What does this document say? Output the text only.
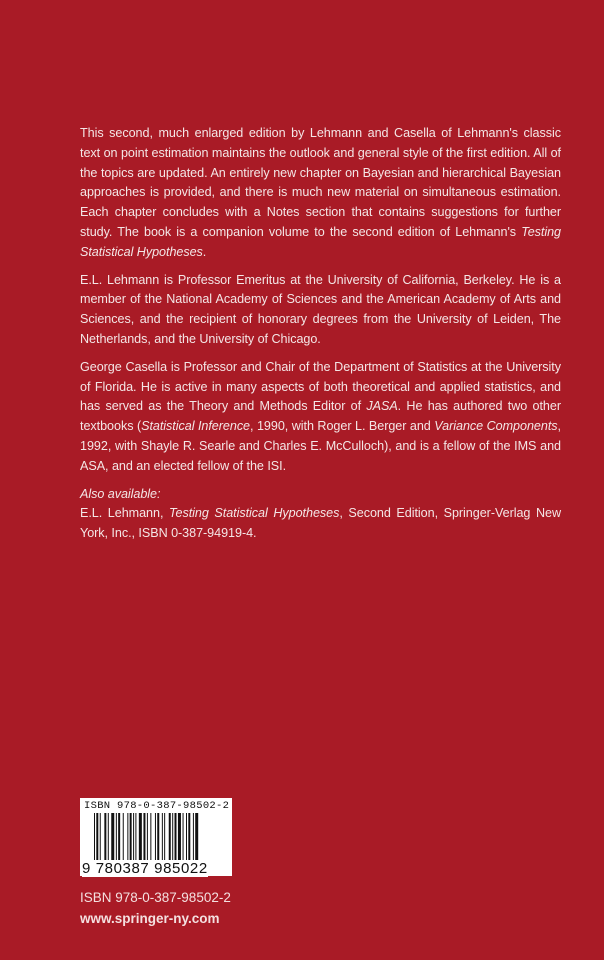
This second, much enlarged edition by Lehmann and Casella of Lehmann's classic text on point estimation maintains the outlook and general style of the first edition. All of the topics are updated. An entirely new chapter on Bayesian and hierarchical Bayesian approaches is provided, and there is much new material on simultaneous estimation. Each chapter concludes with a Notes section that contains suggestions for further study. The book is a companion volume to the second edition of Lehmann's Testing Statistical Hypotheses.

E.L. Lehmann is Professor Emeritus at the University of California, Berkeley. He is a member of the National Academy of Sciences and the American Academy of Arts and Sciences, and the recipient of honorary degrees from the University of Leiden, The Netherlands, and the University of Chicago.

George Casella is Professor and Chair of the Department of Statistics at the University of Florida. He is active in many aspects of both theoretical and applied statistics, and has served as the Theory and Methods Editor of JASA. He has authored two other textbooks (Statistical Inference, 1990, with Roger L. Berger and Variance Components, 1992, with Shayle R. Searle and Charles E. McCulloch), and is a fellow of the IMS and ASA, and an elected fellow of the ISI.

Also available:
E.L. Lehmann, Testing Statistical Hypotheses, Second Edition, Springer-Verlag New York, Inc., ISBN 0-387-94919-4.
ISBN 978-0-387-98502-2
9 780387 985022
ISBN 978-0-387-98502-2
www.springer-ny.com
